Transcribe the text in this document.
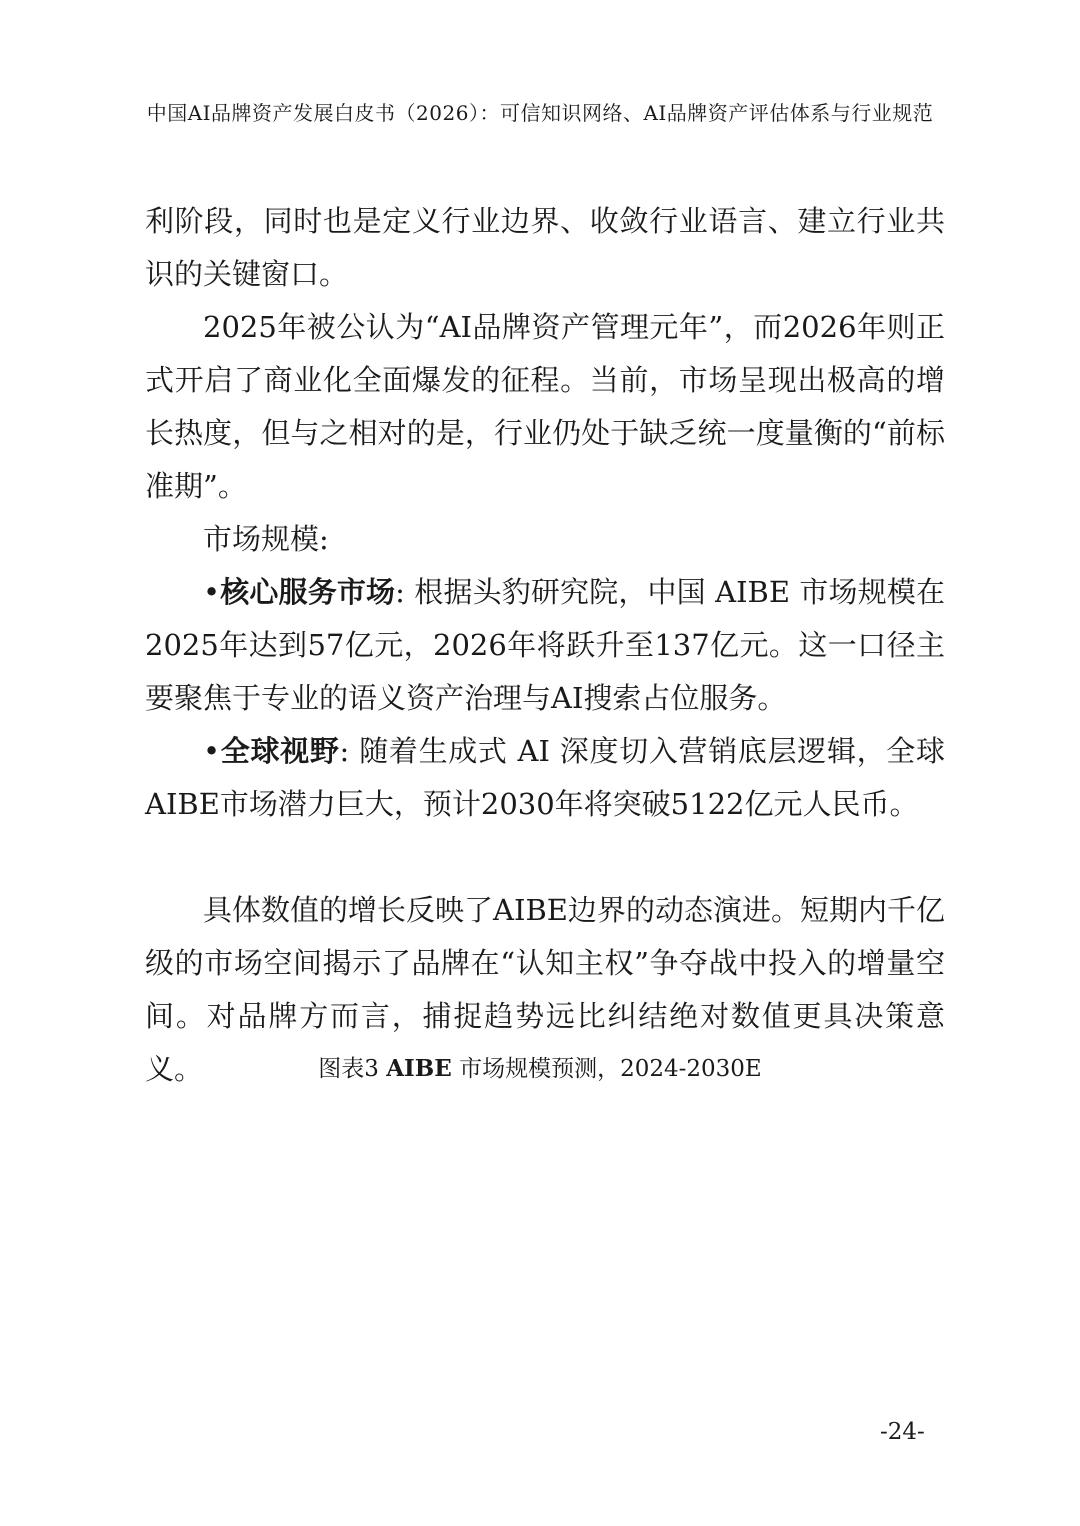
中国AI品牌资产发展白皮书（2026）：可信知识网络、AI品牌资产评估体系与行业规范

利阶段，同时也是定义行业边界、收敛行业语言、建立行业共识的关键窗口。

2025年被公认为“AI品牌资产管理元年”，而2026年则正式开启了商业化全面爆发的征程。当前，市场呈现出极高的增长热度，但与之相对的是，行业仍处于缺乏统一度量衡的“前标准期”。

市场规模:

•核心服务市场: 根据头豹研究院，中国 AIBE 市场规模在2025年达到57亿元，2026年将跃升至137亿元。这一口径主要聚焦于专业的语义资产治理与AI搜索占位服务。

•全球视野: 随着生成式 AI 深度切入营销底层逻辑，全球AIBE市场潜力巨大，预计2030年将突破5122亿元人民币。

具体数值的增长反映了AIBE边界的动态演进。短期内千亿级的市场空间揭示了品牌在“认知主权”争夺战中投入的增量空间。对品牌方而言，捕捉趋势远比纠结绝对数值更具决策意义。	图表3 AIBE 市场规模预测，2024-2030E
-24-
